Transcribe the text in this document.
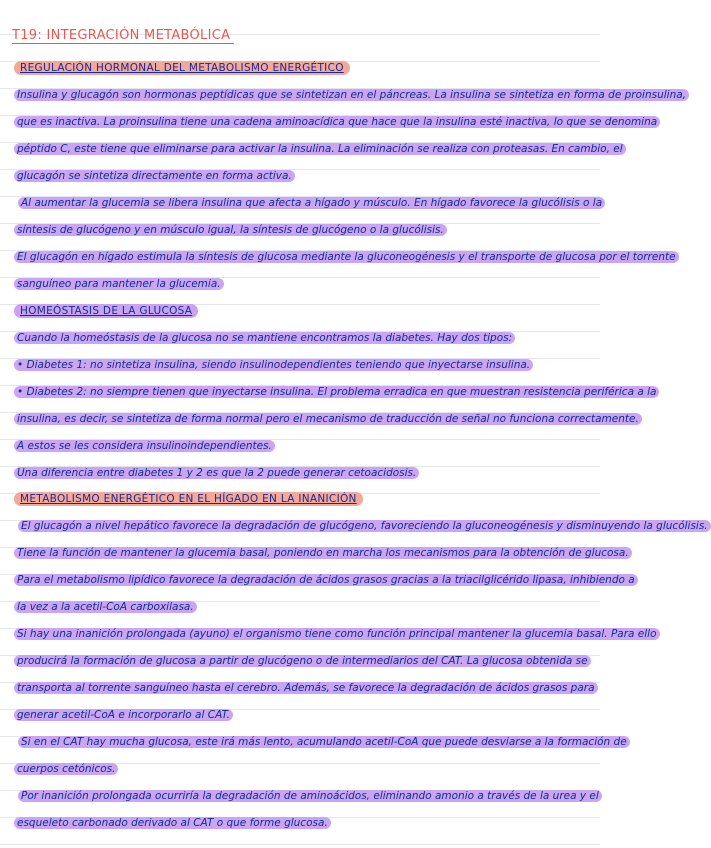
T19: INTEGRACIÓN METABÓLICA
REGULACIÓN HORMONAL DEL METABOLISMO ENERGÉTICO
Insulina y glucagón son hormonas peptídicas que se sintetizan en el páncreas. La insulina se sintetiza en forma de proinsulina,
que es inactiva. La proinsulina tiene una cadena aminoacídica que hace que la insulina esté inactiva, lo que se denomina
péptido C, este tiene que eliminarse para activar la insulina. La eliminación se realiza con proteasas. En cambio, el
glucagón se sintetiza directamente en forma activa.
Al aumentar la glucemia se libera insulina que afecta a hígado y músculo. En hígado favorece la glucólisis o la
síntesis de glucógeno y en músculo igual, la síntesis de glucógeno o la glucólisis.
El glucagón en hígado estimula la síntesis de glucosa mediante la gluconeogénesis y el transporte de glucosa por el torrente
sanguíneo para mantener la glucemia.
HOMEÓSTASIS DE LA GLUCOSA
Cuando la homeóstasis de la glucosa no se mantiene encontramos la diabetes. Hay dos tipos:
• Diabetes 1: no sintetiza insulina, siendo insulinodependientes teniendo que inyectarse insulina.
• Diabetes 2: no siempre tienen que inyectarse insulina. El problema erradica en que muestran resistencia periférica a la
insulina, es decir, se sintetiza de forma normal pero el mecanismo de traducción de señal no funciona correctamente.
A estos se les considera insulinoindependientes.
Una diferencia entre diabetes 1 y 2 es que la 2 puede generar cetoacidosis.
METABOLISMO ENERGÉTICO EN EL HÍGADO EN LA INANICIÓN
El glucagón a nivel hepático favorece la degradación de glucógeno, favoreciendo la gluconeogénesis y disminuyendo la glucólisis.
Tiene la función de mantener la glucemia basal, poniendo en marcha los mecanismos para la obtención de glucosa.
Para el metabolismo lipídico favorece la degradación de ácidos grasos gracias a la triacilglicérido lipasa, inhibiendo a
la vez a la acetil-CoA carboxilasa.
Si hay una inanición prolongada (ayuno) el organismo tiene como función principal mantener la glucemia basal. Para ello
producirá la formación de glucosa a partir de glucógeno o de intermediarios del CAT. La glucosa obtenida se
transporta al torrente sanguíneo hasta el cerebro. Además, se favorece la degradación de ácidos grasos para
generar acetil-CoA e incorporarlo al CAT.
Si en el CAT hay mucha glucosa, este irá más lento, acumulando acetil-CoA que puede desviarse a la formación de
cuerpos cetónicos.
Por inanición prolongada ocurriría la degradación de aminoácidos, eliminando amonio a través de la urea y el
esqueleto carbonado derivado al CAT o que forme glucosa.
